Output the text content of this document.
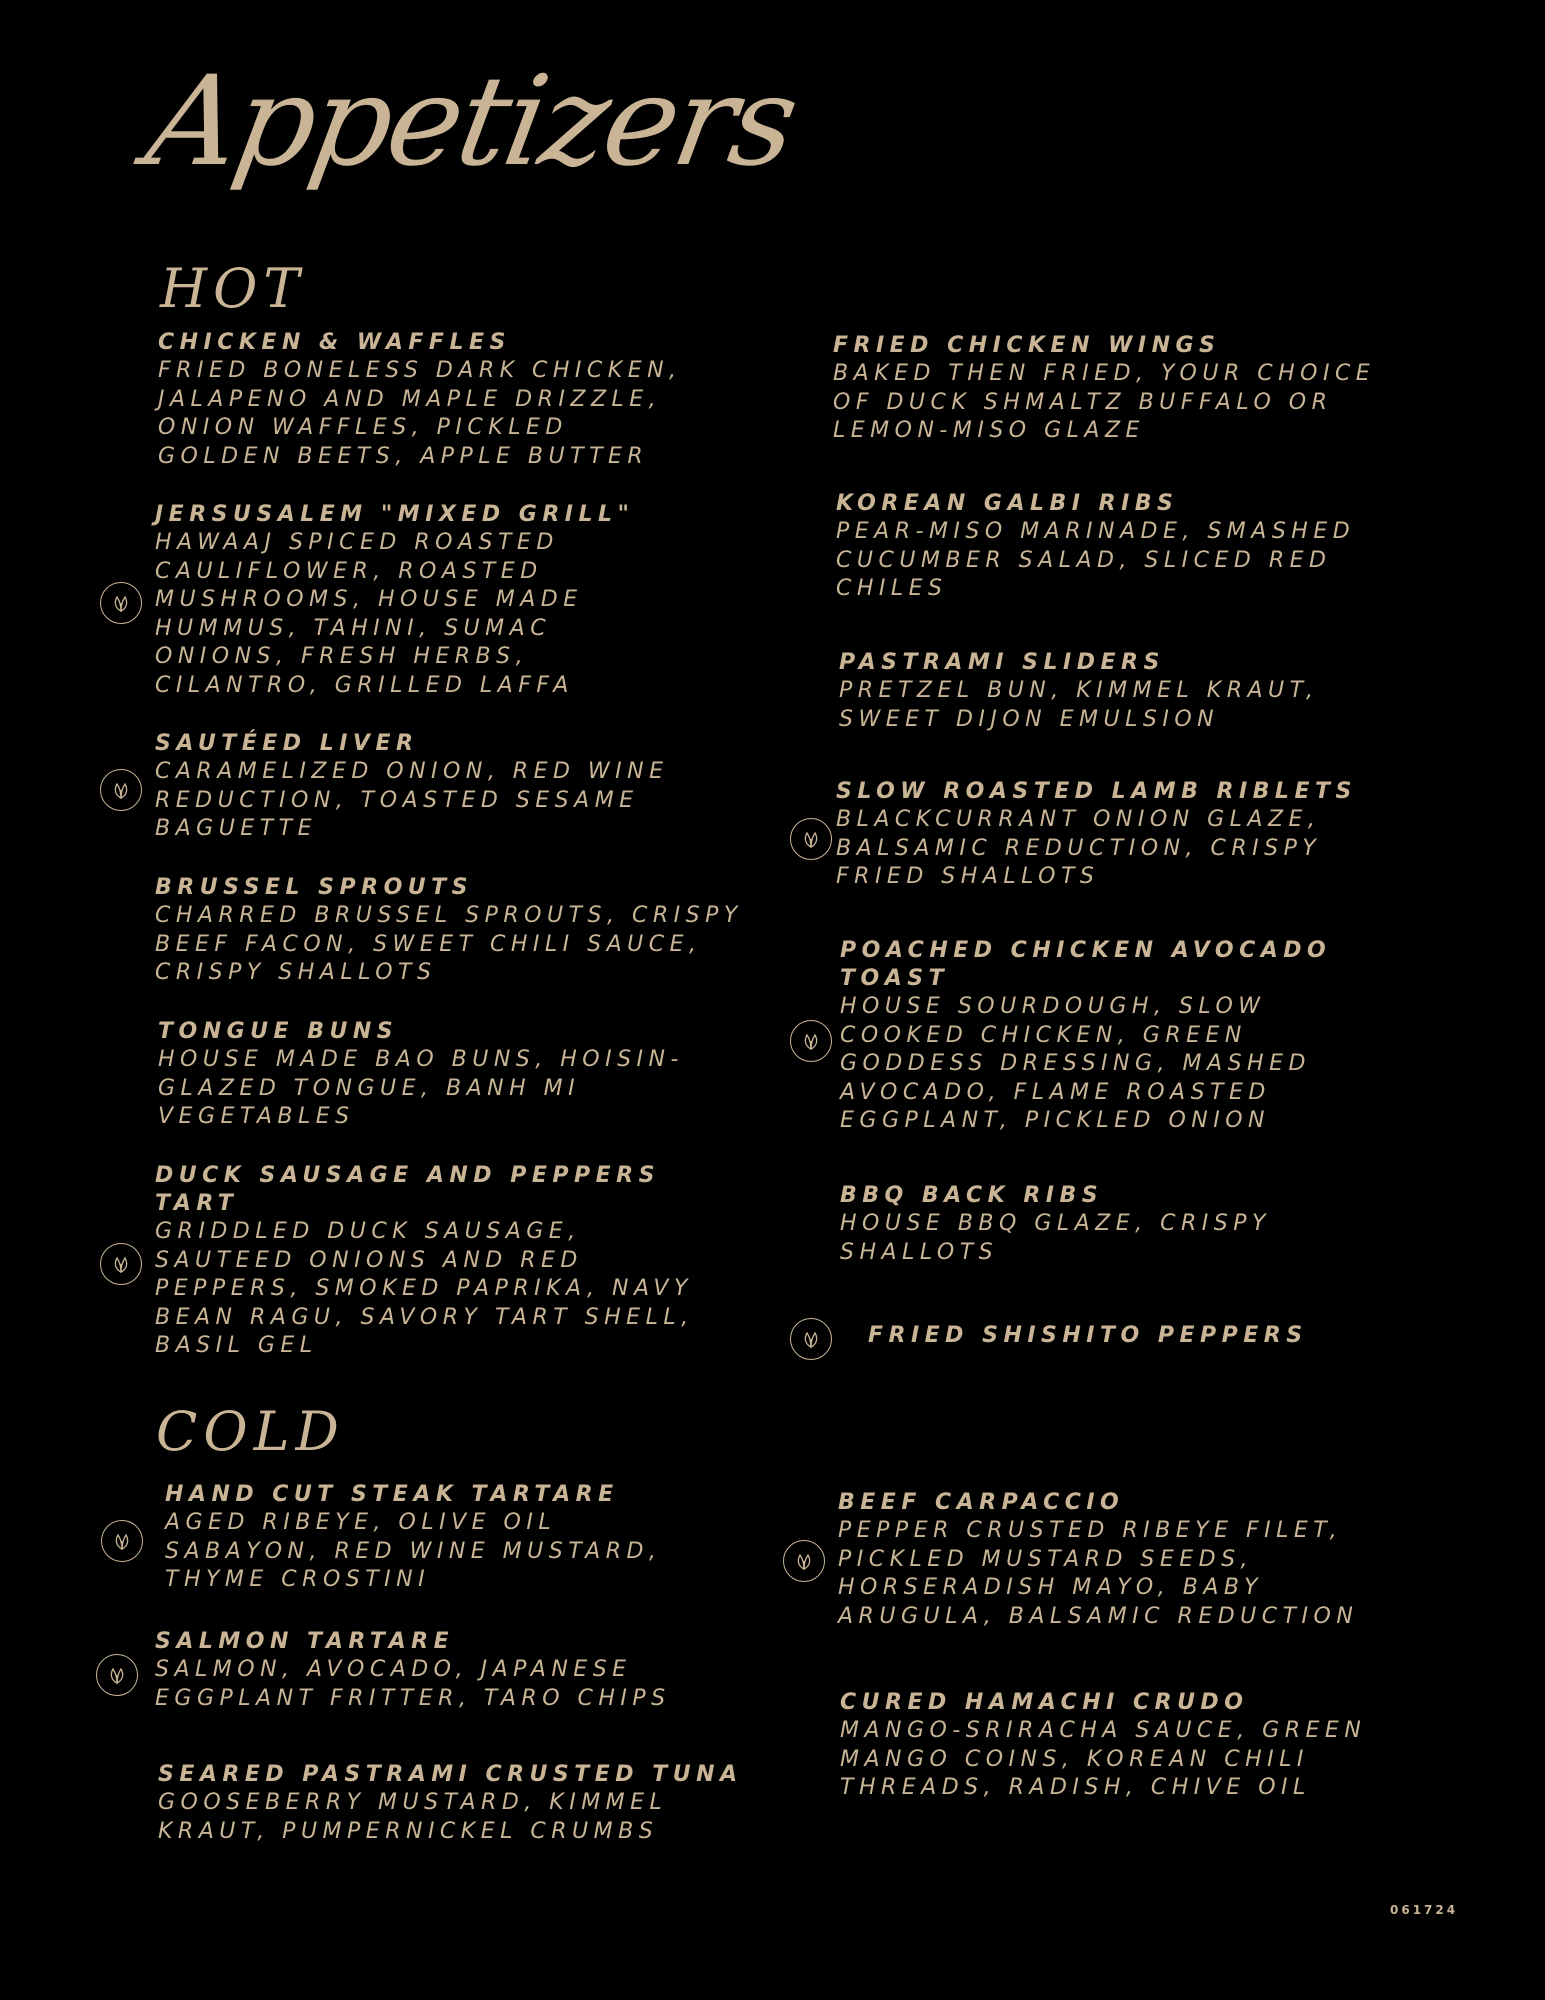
Appetizers
HOT
COLD
CHICKEN & WAFFLES
FRIED BONELESS DARK CHICKEN, JALAPENO AND MAPLE DRIZZLE, ONION WAFFLES, PICKLED GOLDEN BEETS, APPLE BUTTER
JERSUSALEM "MIXED GRILL"
HAWAAJ SPICED ROASTED CAULIFLOWER, ROASTED MUSHROOMS, HOUSE MADE HUMMUS, TAHINI, SUMAC ONIONS, FRESH HERBS, CILANTRO, GRILLED LAFFA
SAUTÉED LIVER
CARAMELIZED ONION, RED WINE REDUCTION, TOASTED SESAME BAGUETTE
BRUSSEL SPROUTS
CHARRED BRUSSEL SPROUTS, CRISPY BEEF FACON, SWEET CHILI SAUCE, CRISPY SHALLOTS
TONGUE BUNS
HOUSE MADE BAO BUNS, HOISIN-GLAZED TONGUE, BANH MI VEGETABLES
DUCK SAUSAGE AND PEPPERS TART
GRIDDLED DUCK SAUSAGE, SAUTEED ONIONS AND RED PEPPERS, SMOKED PAPRIKA, NAVY BEAN RAGU, SAVORY TART SHELL, BASIL GEL
FRIED CHICKEN WINGS
BAKED THEN FRIED, YOUR CHOICE OF DUCK SHMALTZ BUFFALO OR LEMON-MISO GLAZE
KOREAN GALBI RIBS
PEAR-MISO MARINADE, SMASHED CUCUMBER SALAD, SLICED RED CHILES
PASTRAMI SLIDERS
PRETZEL BUN, KIMMEL KRAUT, SWEET DIJON EMULSION
SLOW ROASTED LAMB RIBLETS
BLACKCURRANT ONION GLAZE, BALSAMIC REDUCTION, CRISPY FRIED SHALLOTS
POACHED CHICKEN AVOCADO TOAST
HOUSE SOURDOUGH, SLOW COOKED CHICKEN, GREEN GODDESS DRESSING, MASHED AVOCADO, FLAME ROASTED EGGPLANT, PICKLED ONION
BBQ BACK RIBS
HOUSE BBQ GLAZE, CRISPY SHALLOTS
FRIED SHISHITO PEPPERS
HAND CUT STEAK TARTARE
AGED RIBEYE, OLIVE OIL SABAYON, RED WINE MUSTARD, THYME CROSTINI
SALMON TARTARE
SALMON, AVOCADO, JAPANESE EGGPLANT FRITTER, TARO CHIPS
SEARED PASTRAMI CRUSTED TUNA
GOOSEBERRY MUSTARD, KIMMEL KRAUT, PUMPERNICKEL CRUMBS
BEEF CARPACCIO
PEPPER CRUSTED RIBEYE FILET, PICKLED MUSTARD SEEDS, HORSERADISH MAYO, BABY ARUGULA, BALSAMIC REDUCTION
CURED HAMACHI CRUDO
MANGO-SRIRACHA SAUCE, GREEN MANGO COINS, KOREAN CHILI THREADS, RADISH, CHIVE OIL
061724
